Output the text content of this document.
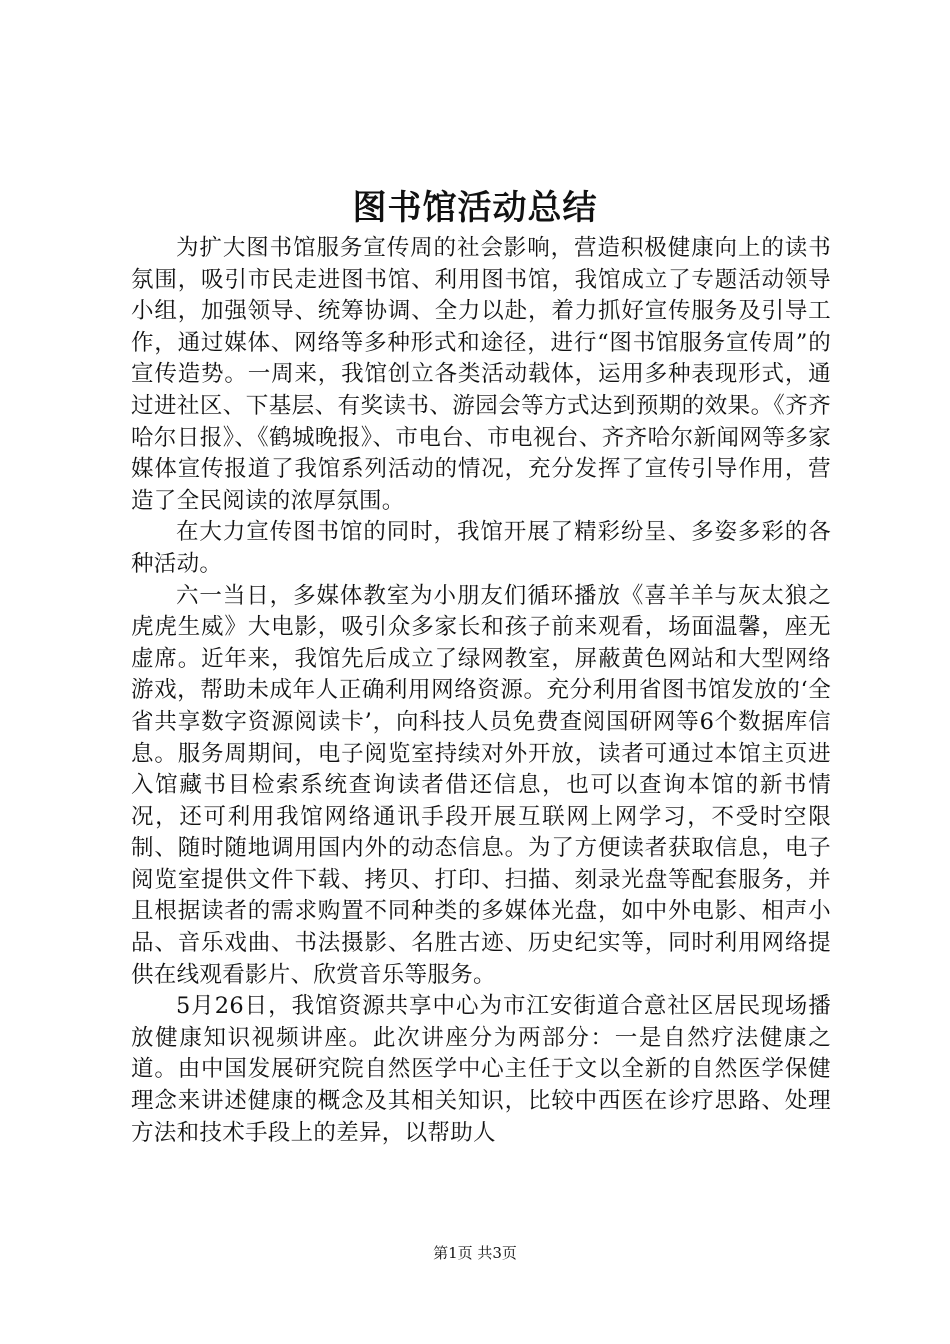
图书馆活动总结

为扩大图书馆服务宣传周的社会影响，营造积极健康向上的读书氛围，吸引市民走进图书馆、利用图书馆，我馆成立了专题活动领导小组，加强领导、统筹协调、全力以赴，着力抓好宣传服务及引导工作，通过媒体、网络等多种形式和途径，进行“图书馆服务宣传周”的宣传造势。一周来，我馆创立各类活动载体，运用多种表现形式，通过进社区、下基层、有奖读书、游园会等方式达到预期的效果。《齐齐哈尔日报》、《鹤城晚报》、市电台、市电视台、齐齐哈尔新闻网等多家媒体宣传报道了我馆系列活动的情况，充分发挥了宣传引导作用，营造了全民阅读的浓厚氛围。

在大力宣传图书馆的同时，我馆开展了精彩纷呈、多姿多彩的各种活动。

六一当日，多媒体教室为小朋友们循环播放《喜羊羊与灰太狼之虎虎生威》大电影，吸引众多家长和孩子前来观看，场面温馨，座无虚席。近年来，我馆先后成立了绿网教室，屏蔽黄色网站和大型网络游戏，帮助未成年人正确利用网络资源。充分利用省图书馆发放的‘全省共享数字资源阅读卡’，向科技人员免费查阅国研网等6个数据库信息。服务周期间，电子阅览室持续对外开放，读者可通过本馆主页进入馆藏书目检索系统查询读者借还信息，也可以查询本馆的新书情况，还可利用我馆网络通讯手段开展互联网上网学习，不受时空限制、随时随地调用国内外的动态信息。为了方便读者获取信息，电子阅览室提供文件下载、拷贝、打印、扫描、刻录光盘等配套服务，并且根据读者的需求购置不同种类的多媒体光盘，如中外电影、相声小品、音乐戏曲、书法摄影、名胜古迹、历史纪实等，同时利用网络提供在线观看影片、欣赏音乐等服务。

5月26日，我馆资源共享中心为市江安街道合意社区居民现场播放健康知识视频讲座。此次讲座分为两部分：一是自然疗法健康之道。由中国发展研究院自然医学中心主任于文以全新的自然医学保健理念来讲述健康的概念及其相关知识，比较中西医在诊疗思路、处理方法和技术手段上的差异，以帮助人

第1页 共3页
